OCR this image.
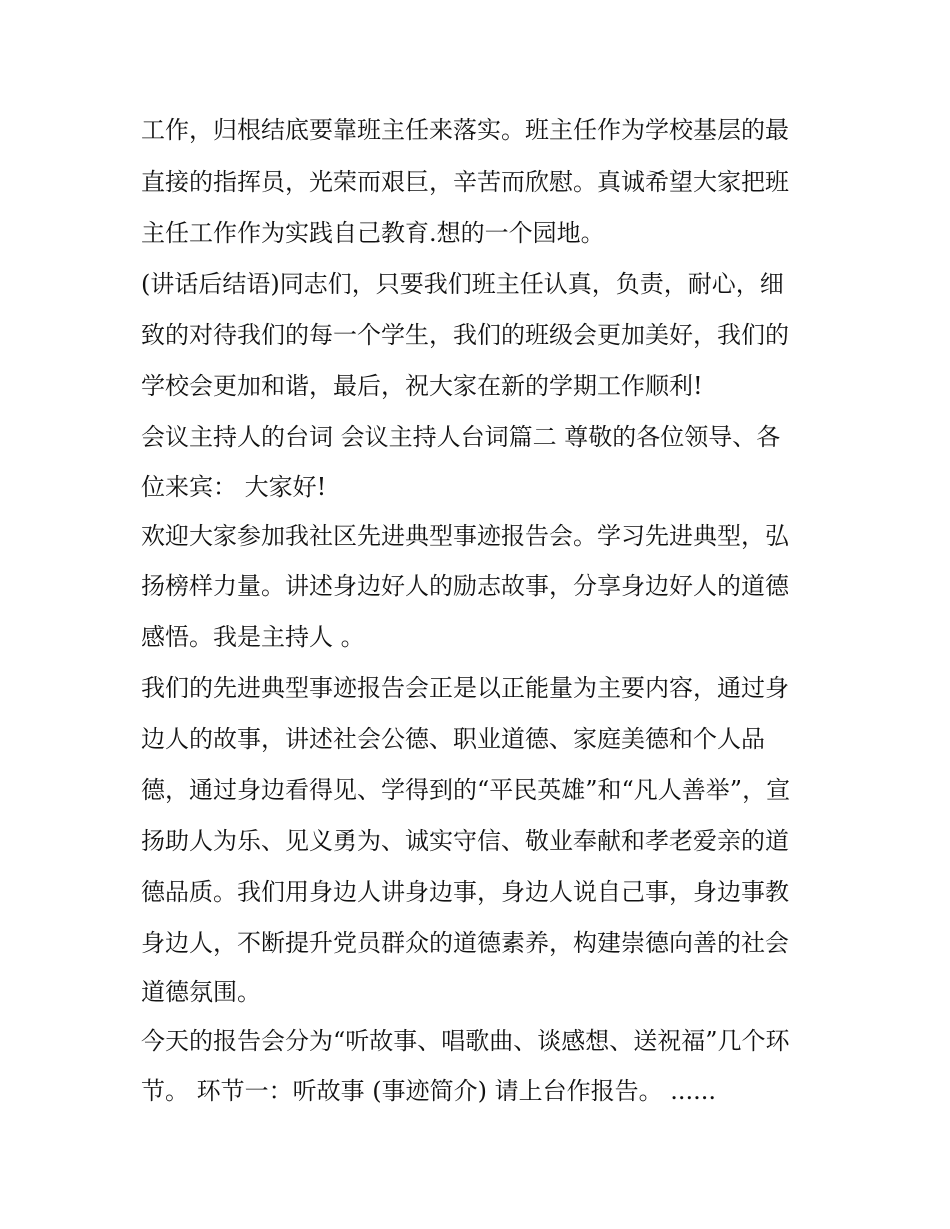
工作，归根结底要靠班主任来落实。班主任作为学校基层的最
直接的指挥员，光荣而艰巨，辛苦而欣慰。真诚希望大家把班
主任工作作为实践自己教育.想的一个园地。
(讲话后结语)同志们，只要我们班主任认真，负责，耐心，细
致的对待我们的每一个学生，我们的班级会更加美好，我们的
学校会更加和谐，最后，祝大家在新的学期工作顺利!
会议主持人的台词 会议主持人台词篇二 尊敬的各位领导、各
位来宾： 大家好!
欢迎大家参加我社区先进典型事迹报告会。学习先进典型，弘
扬榜样力量。讲述身边好人的励志故事，分享身边好人的道德
感悟。我是主持人 。
我们的先进典型事迹报告会正是以正能量为主要内容，通过身
边人的故事，讲述社会公德、职业道德、家庭美德和个人品
德，通过身边看得见、学得到的“平民英雄”和“凡人善举”，宣
扬助人为乐、见义勇为、诚实守信、敬业奉献和孝老爱亲的道
德品质。我们用身边人讲身边事，身边人说自己事，身边事教
身边人，不断提升党员群众的道德素养，构建崇德向善的社会
道德氛围。
今天的报告会分为“听故事、唱歌曲、谈感想、送祝福”几个环
节。 环节一：听故事 (事迹简介) 请上台作报告。 ......
